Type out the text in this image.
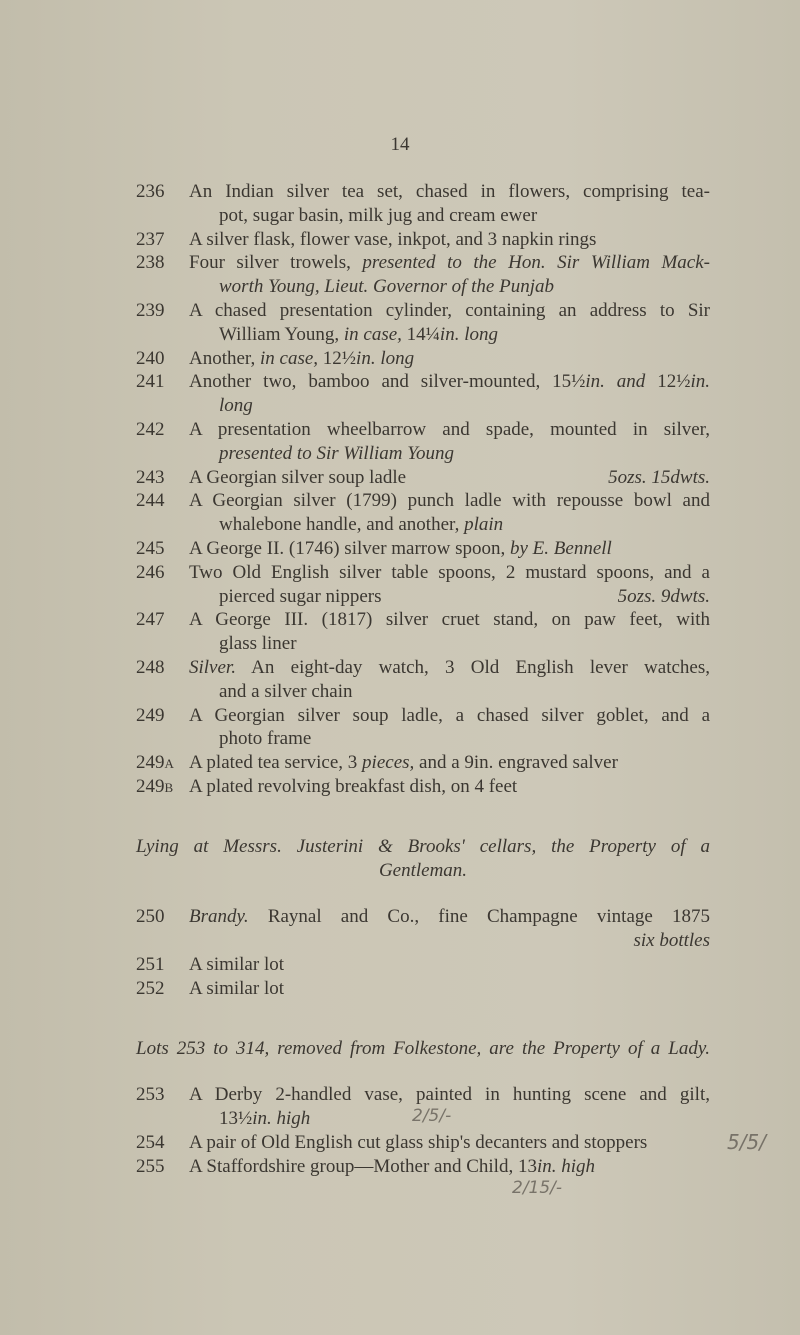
14
236 An Indian silver tea set, chased in flowers, comprising tea-
pot, sugar basin, milk jug and cream ewer
237 A silver flask, flower vase, inkpot, and 3 napkin rings
238 Four silver trowels, presented to the Hon. Sir William Mack-
worth Young, Lieut. Governor of the Punjab
239 A chased presentation cylinder, containing an address to Sir
William Young, in case, 14¼in. long
240 Another, in case, 12½in. long
241 Another two, bamboo and silver-mounted, 15½in. and 12½in.
long
242 A presentation wheelbarrow and spade, mounted in silver,
presented to Sir William Young
243 A Georgian silver soup ladle	5ozs. 15dwts.
244 A Georgian silver (1799) punch ladle with repousse bowl and
whalebone handle, and another, plain
245 A George II. (1746) silver marrow spoon, by E. Bennell
246 Two Old English silver table spoons, 2 mustard spoons, and a
pierced sugar nippers	5ozs. 9dwts.
247 A George III. (1817) silver cruet stand, on paw feet, with
glass liner
248 Silver. An eight-day watch, 3 Old English lever watches,
and a silver chain
249 A Georgian silver soup ladle, a chased silver goblet, and a
photo frame
249A A plated tea service, 3 pieces, and a 9in. engraved salver
249B A plated revolving breakfast dish, on 4 feet
Lying at Messrs. Justerini & Brooks' cellars, the Property of a
Gentleman.
250 Brandy. Raynal and Co., fine Champagne vintage 1875
six bottles
251 A similar lot
252 A similar lot
Lots 253 to 314, removed from Folkestone, are the Property of a Lady.
253 A Derby 2-handled vase, painted in hunting scene and gilt,
13½in. high
254 A pair of Old English cut glass ship's decanters and stoppers
255 A Staffordshire group—Mother and Child, 13in. high
2/5/-
5/5/
2/15/-
